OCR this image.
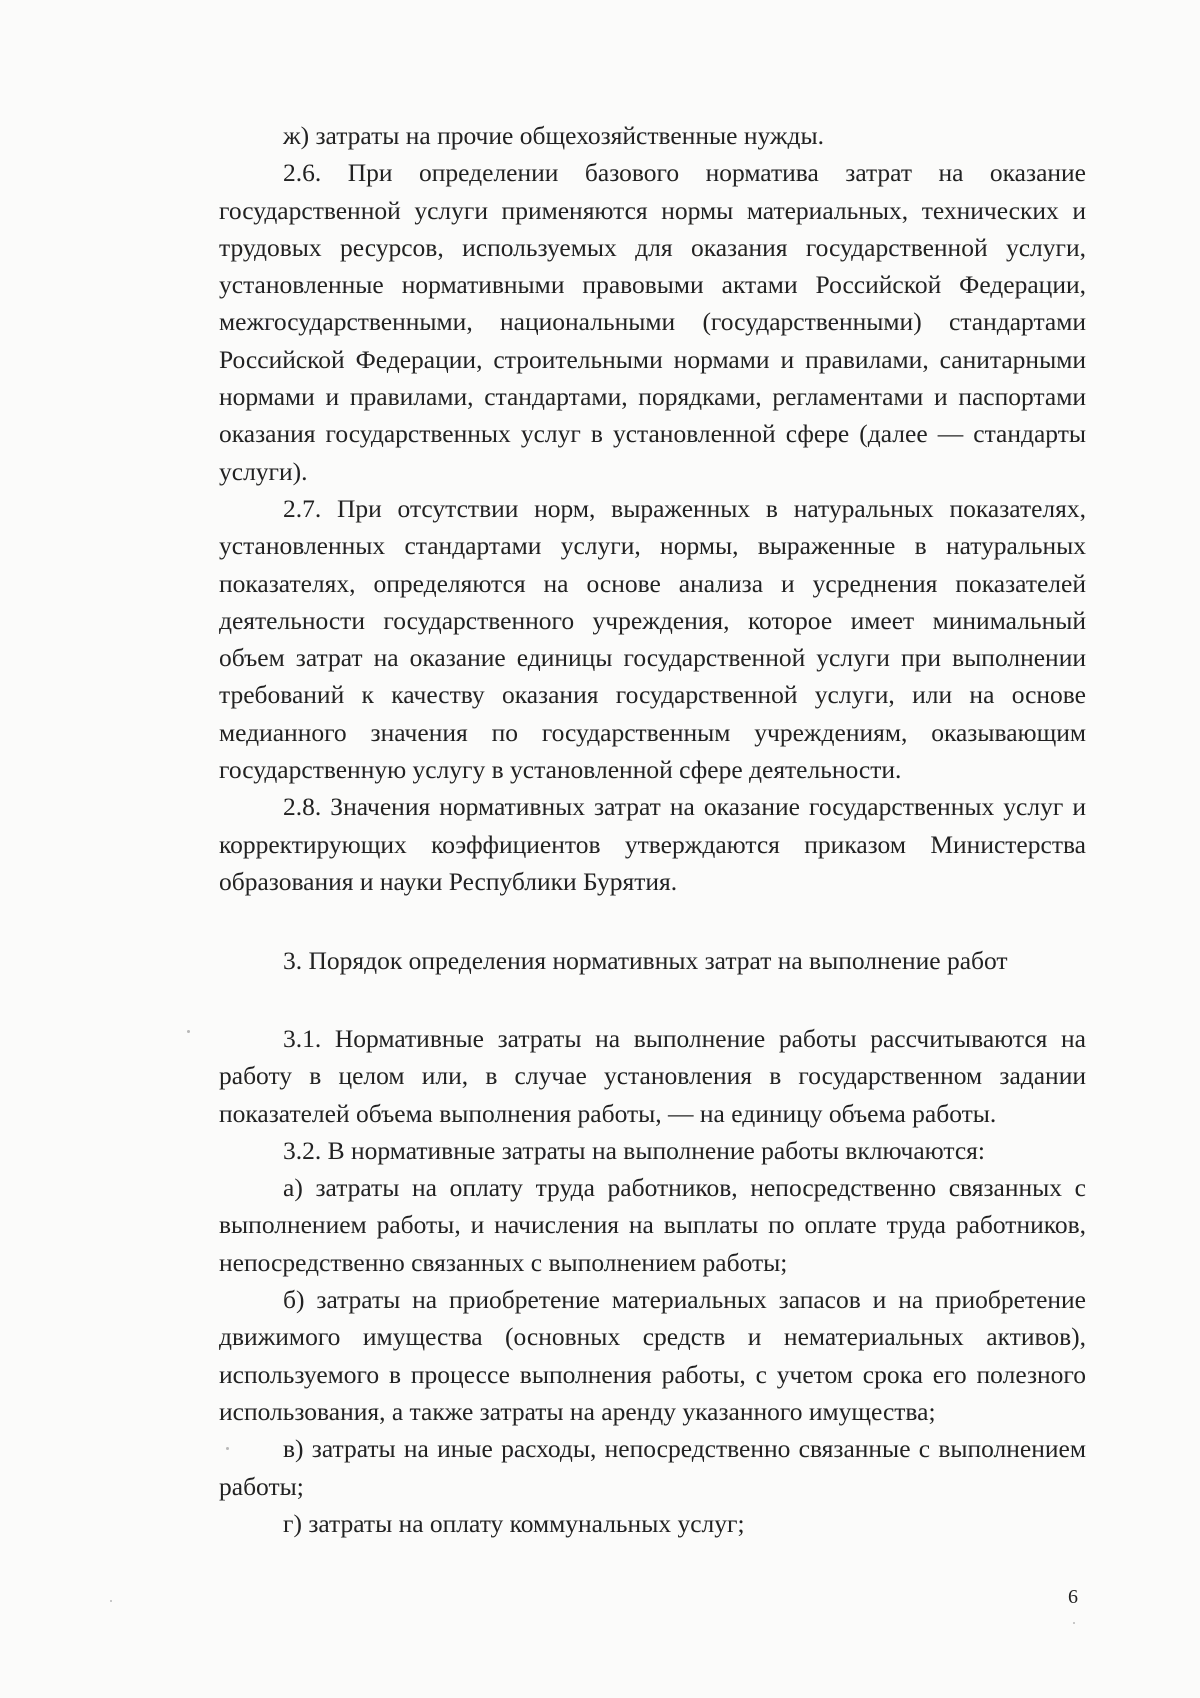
ж) затраты на прочие общехозяйственные нужды.

2.6. При определении базового норматива затрат на оказание государственной услуги применяются нормы материальных, технических и трудовых ресурсов, используемых для оказания государственной услуги, установленные нормативными правовыми актами Российской Федерации, межгосударственными, национальными (государственными) стандартами Российской Федерации, строительными нормами и правилами, санитарными нормами и правилами, стандартами, порядками, регламентами и паспортами оказания государственных услуг в установленной сфере (далее — стандарты услуги).

2.7. При отсутствии норм, выраженных в натуральных показателях, установленных стандартами услуги, нормы, выраженные в натуральных показателях, определяются на основе анализа и усреднения показателей деятельности государственного учреждения, которое имеет минимальный объем затрат на оказание единицы государственной услуги при выполнении требований к качеству оказания государственной услуги, или на основе медианного значения по государственным учреждениям, оказывающим государственную услугу в установленной сфере деятельности.

2.8. Значения нормативных затрат на оказание государственных услуг и корректирующих коэффициентов утверждаются приказом Министерства образования и науки Республики Бурятия.

3. Порядок определения нормативных затрат на выполнение работ

3.1. Нормативные затраты на выполнение работы рассчитываются на работу в целом или, в случае установления в государственном задании показателей объема выполнения работы, — на единицу объема работы.

3.2. В нормативные затраты на выполнение работы включаются:

а) затраты на оплату труда работников, непосредственно связанных с выполнением работы, и начисления на выплаты по оплате труда работников, непосредственно связанных с выполнением работы;

б) затраты на приобретение материальных запасов и на приобретение движимого имущества (основных средств и нематериальных активов), используемого в процессе выполнения работы, с учетом срока его полезного использования, а также затраты на аренду указанного имущества;

в) затраты на иные расходы, непосредственно связанные с выполнением работы;

г) затраты на оплату коммунальных услуг;

6
